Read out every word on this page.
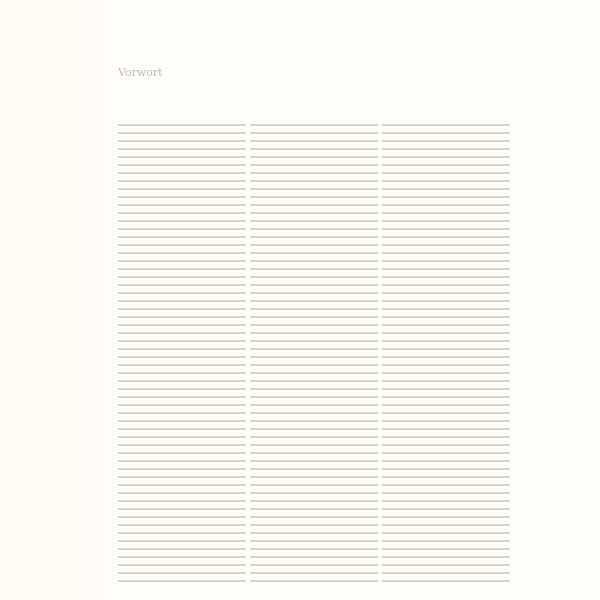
Vorwort
